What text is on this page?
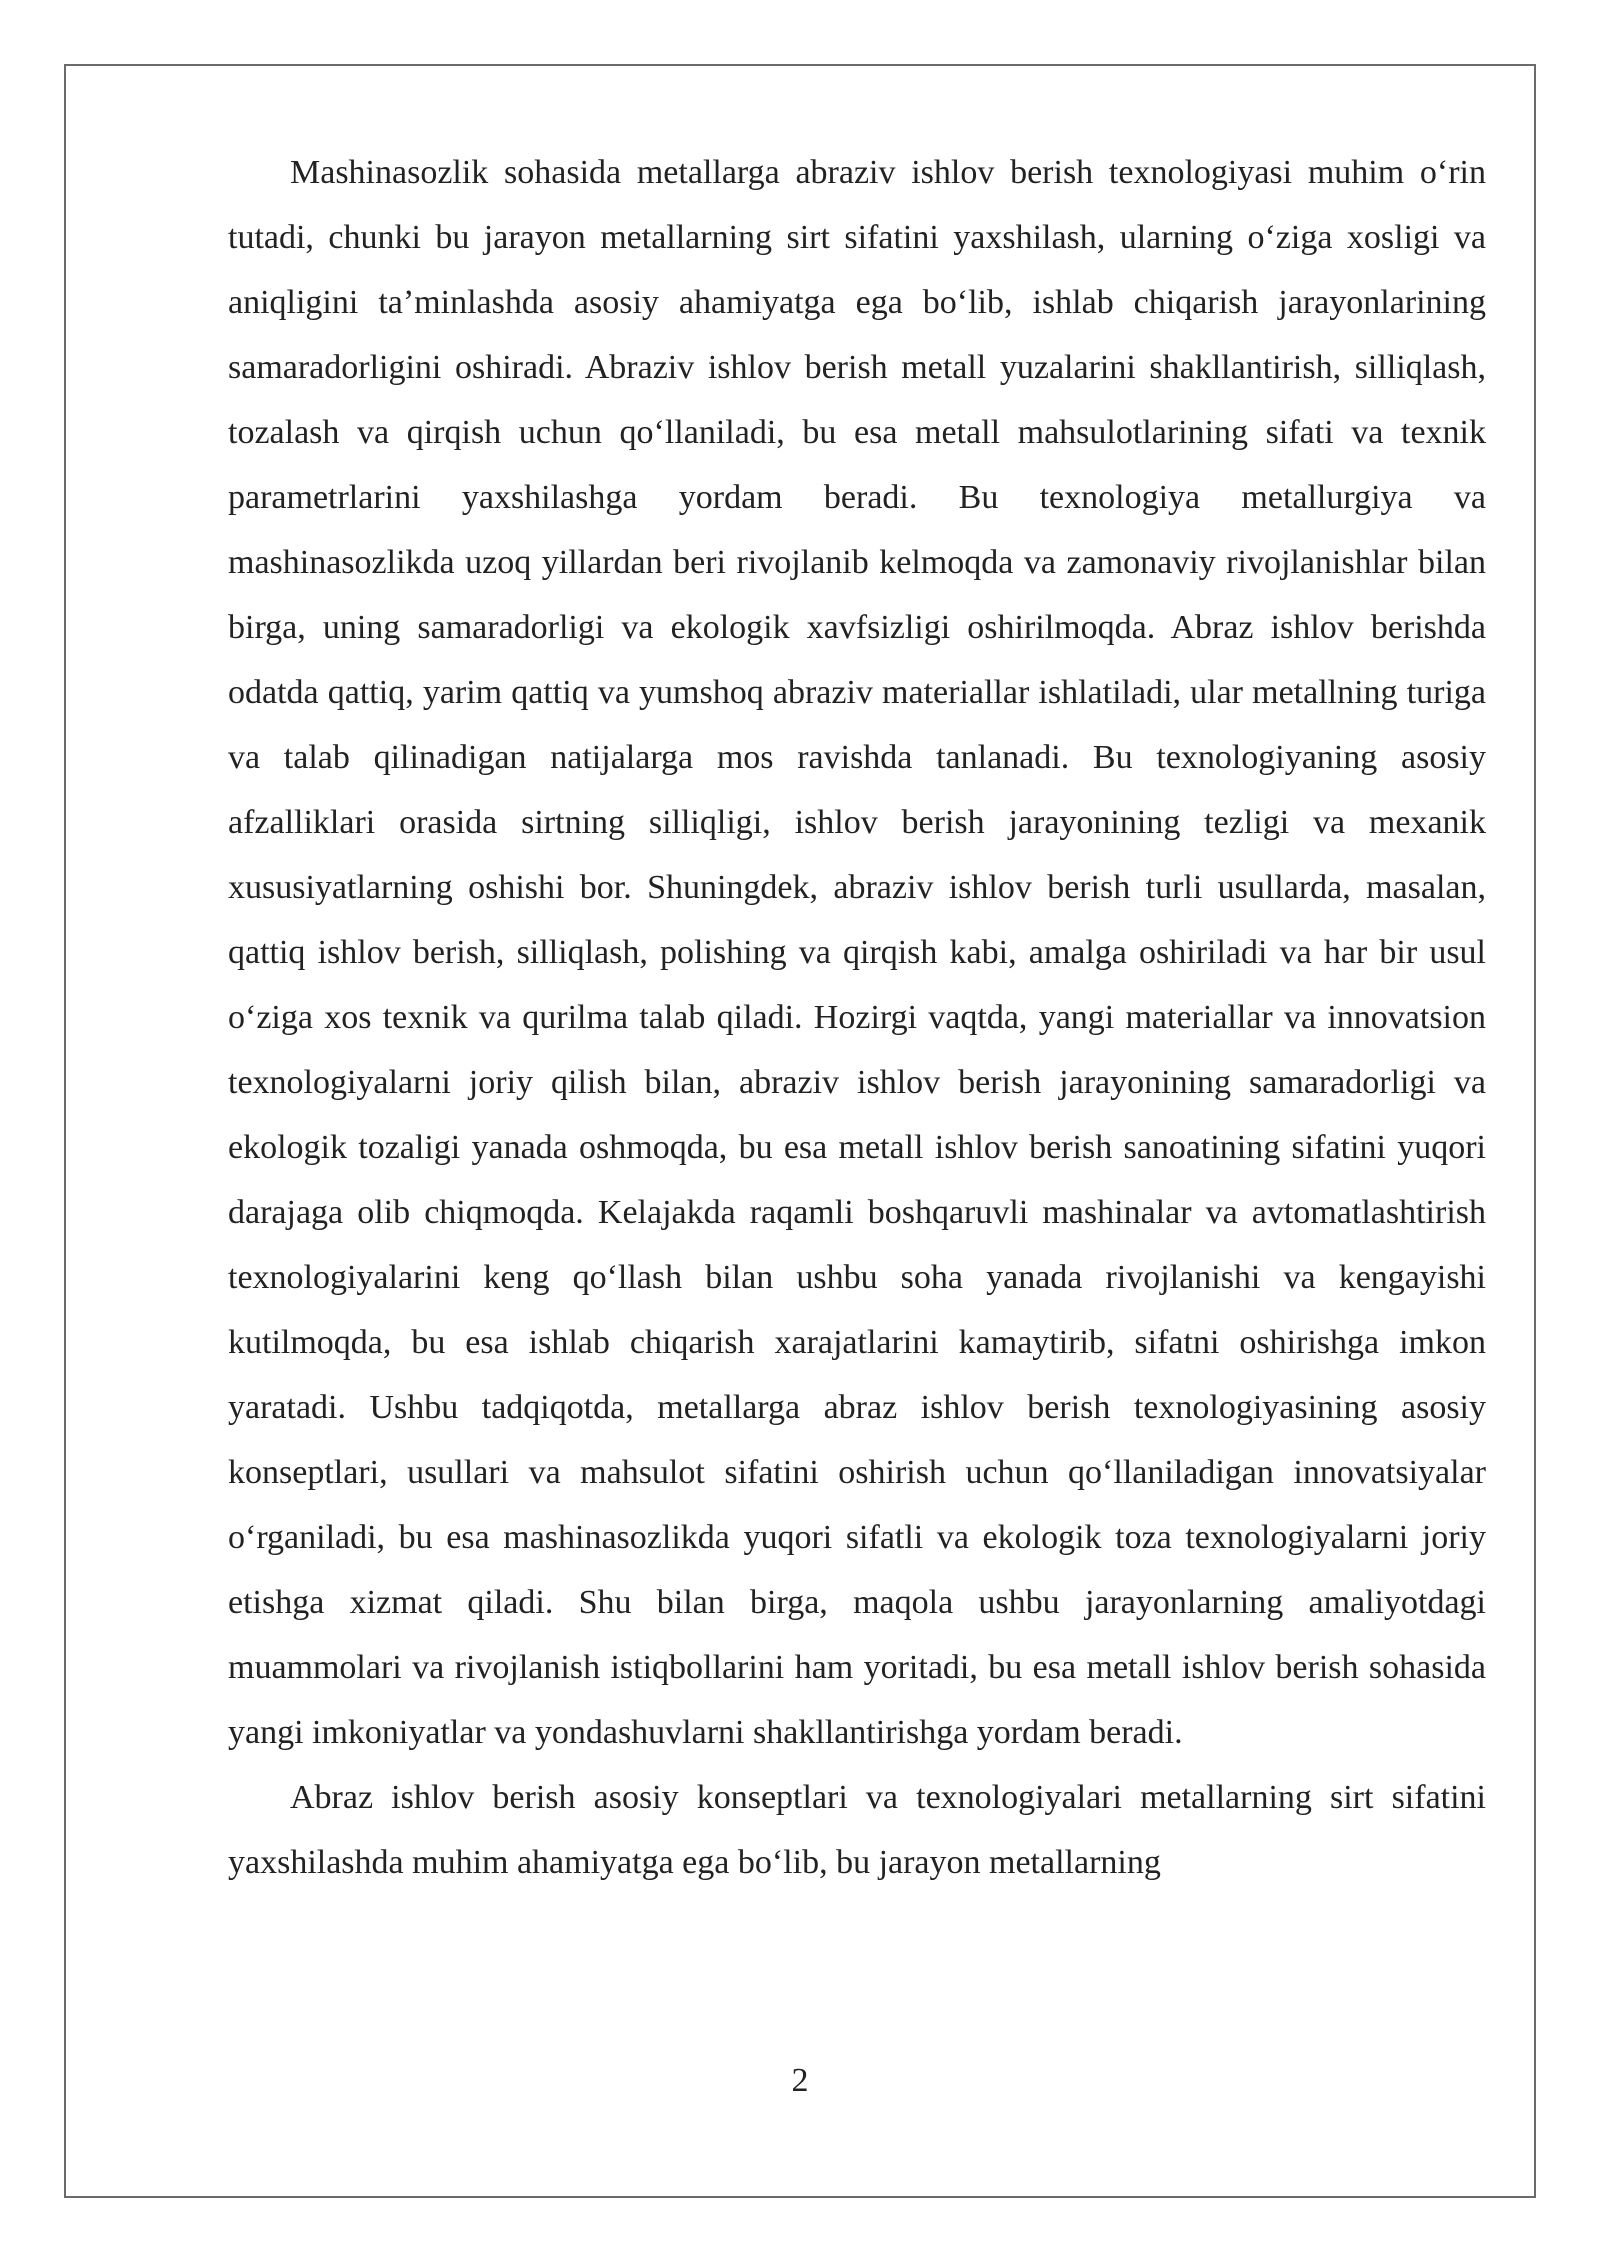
Mashinasozlik sohasida metallarga abraziv ishlov berish texnologiyasi muhim oʻrin tutadi, chunki bu jarayon metallarning sirt sifatini yaxshilash, ularning oʻziga xosligi va aniqligini taʼminlashda asosiy ahamiyatga ega boʻlib, ishlab chiqarish jarayonlarining samaradorligini oshiradi. Abraziv ishlov berish metall yuzalarini shakllantirish, silliqlash, tozalash va qirqish uchun qoʻllaniladi, bu esa metall mahsulotlarining sifati va texnik parametrlarini yaxshilashga yordam beradi. Bu texnologiya metallurgiya va mashinasozlikda uzoq yillardan beri rivojlanib kelmoqda va zamonaviy rivojlanishlar bilan birga, uning samaradorligi va ekologik xavfsizligi oshirilmoqda. Abraz ishlov berishda odatda qattiq, yarim qattiq va yumshoq abraziv materiallar ishlatiladi, ular metallning turiga va talab qilinadigan natijalarga mos ravishda tanlanadi. Bu texnologiyaning asosiy afzalliklari orasida sirtning silliqligi, ishlov berish jarayonining tezligi va mexanik xususiyatlarning oshishi bor. Shuningdek, abraziv ishlov berish turli usullarda, masalan, qattiq ishlov berish, silliqlash, polishing va qirqish kabi, amalga oshiriladi va har bir usul oʻziga xos texnik va qurilma talab qiladi. Hozirgi vaqtda, yangi materiallar va innovatsion texnologiyalarni joriy qilish bilan, abraziv ishlov berish jarayonining samaradorligi va ekologik tozaligi yanada oshmoqda, bu esa metall ishlov berish sanoatining sifatini yuqori darajaga olib chiqmoqda. Kelajakda raqamli boshqaruvli mashinalar va avtomatlashtirish texnologiyalarini keng qoʻllash bilan ushbu soha yanada rivojlanishi va kengayishi kutilmoqda, bu esa ishlab chiqarish xarajatlarini kamaytirib, sifatni oshirishga imkon yaratadi. Ushbu tadqiqotda, metallarga abraz ishlov berish texnologiyasining asosiy konseptlari, usullari va mahsulot sifatini oshirish uchun qoʻllaniladigan innovatsiyalar oʻrganiladi, bu esa mashinasozlikda yuqori sifatli va ekologik toza texnologiyalarni joriy etishga xizmat qiladi. Shu bilan birga, maqola ushbu jarayonlarning amaliyotdagi muammolari va rivojlanish istiqbollarini ham yoritadi, bu esa metall ishlov berish sohasida yangi imkoniyatlar va yondashuvlarni shakllantirishga yordam beradi.

Abraz ishlov berish asosiy konseptlari va texnologiyalari metallarning sirt sifatini yaxshilashda muhim ahamiyatga ega boʻlib, bu jarayon metallarning

2
